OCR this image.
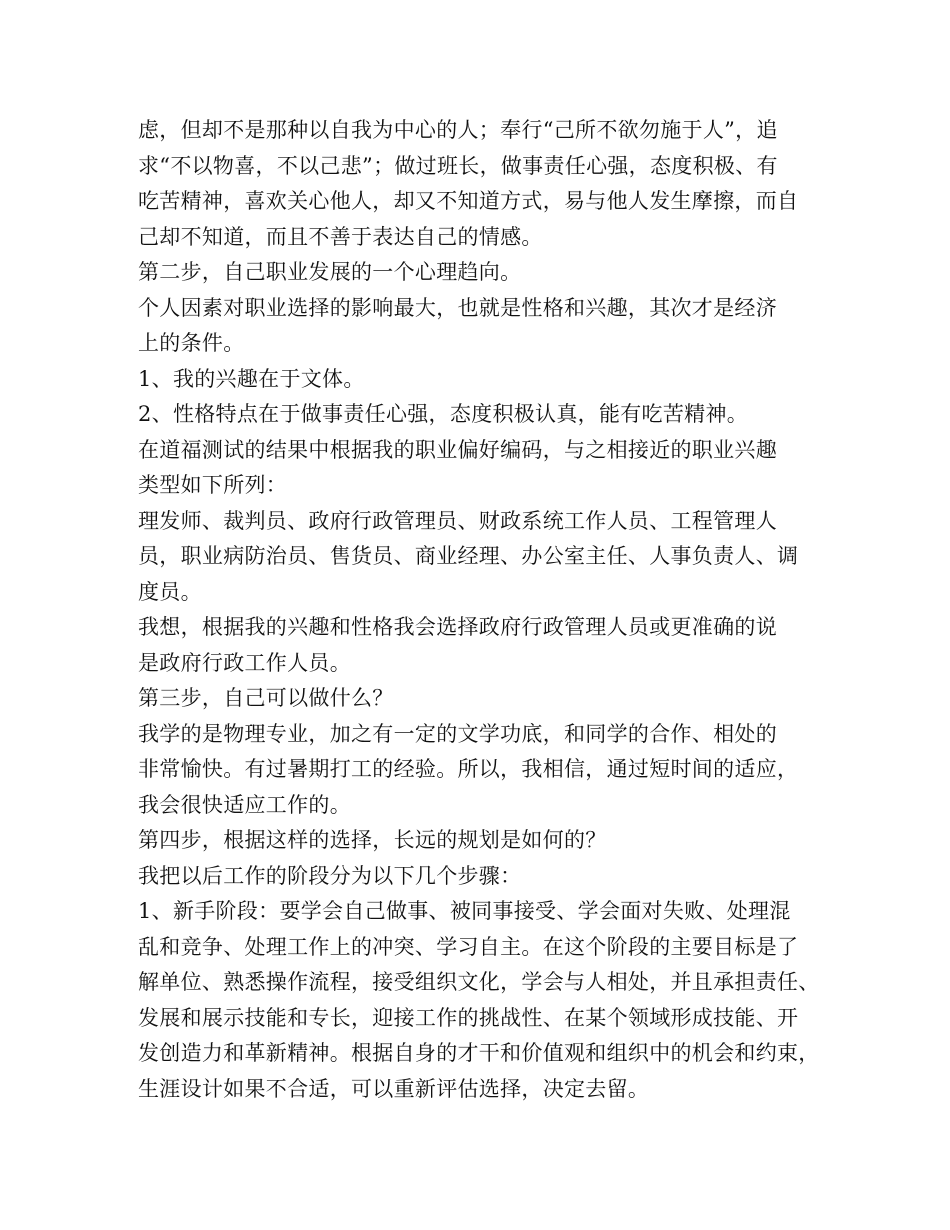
虑，但却不是那种以自我为中心的人；奉行“己所不欲勿施于人”，追
求“不以物喜，不以己悲”；做过班长，做事责任心强，态度积极、有
吃苦精神，喜欢关心他人，却又不知道方式，易与他人发生摩擦，而自
己却不知道，而且不善于表达自己的情感。
第二步，自己职业发展的一个心理趋向。
个人因素对职业选择的影响最大，也就是性格和兴趣，其次才是经济
上的条件。
1、我的兴趣在于文体。
2、性格特点在于做事责任心强，态度积极认真，能有吃苦精神。
在道福测试的结果中根据我的职业偏好编码，与之相接近的职业兴趣
类型如下所列：
理发师、裁判员、政府行政管理员、财政系统工作人员、工程管理人
员，职业病防治员、售货员、商业经理、办公室主任、人事负责人、调
度员。
我想，根据我的兴趣和性格我会选择政府行政管理人员或更准确的说
是政府行政工作人员。
第三步，自己可以做什么？
我学的是物理专业，加之有一定的文学功底，和同学的合作、相处的
非常愉快。有过暑期打工的经验。所以，我相信，通过短时间的适应，
我会很快适应工作的。
第四步，根据这样的选择，长远的规划是如何的？
我把以后工作的阶段分为以下几个步骤：
1、新手阶段：要学会自己做事、被同事接受、学会面对失败、处理混
乱和竞争、处理工作上的冲突、学习自主。在这个阶段的主要目标是了
解单位、熟悉操作流程，接受组织文化，学会与人相处，并且承担责任、
发展和展示技能和专长，迎接工作的挑战性、在某个领域形成技能、开
发创造力和革新精神。根据自身的才干和价值观和组织中的机会和约束，
生涯设计如果不合适，可以重新评估选择，决定去留。
